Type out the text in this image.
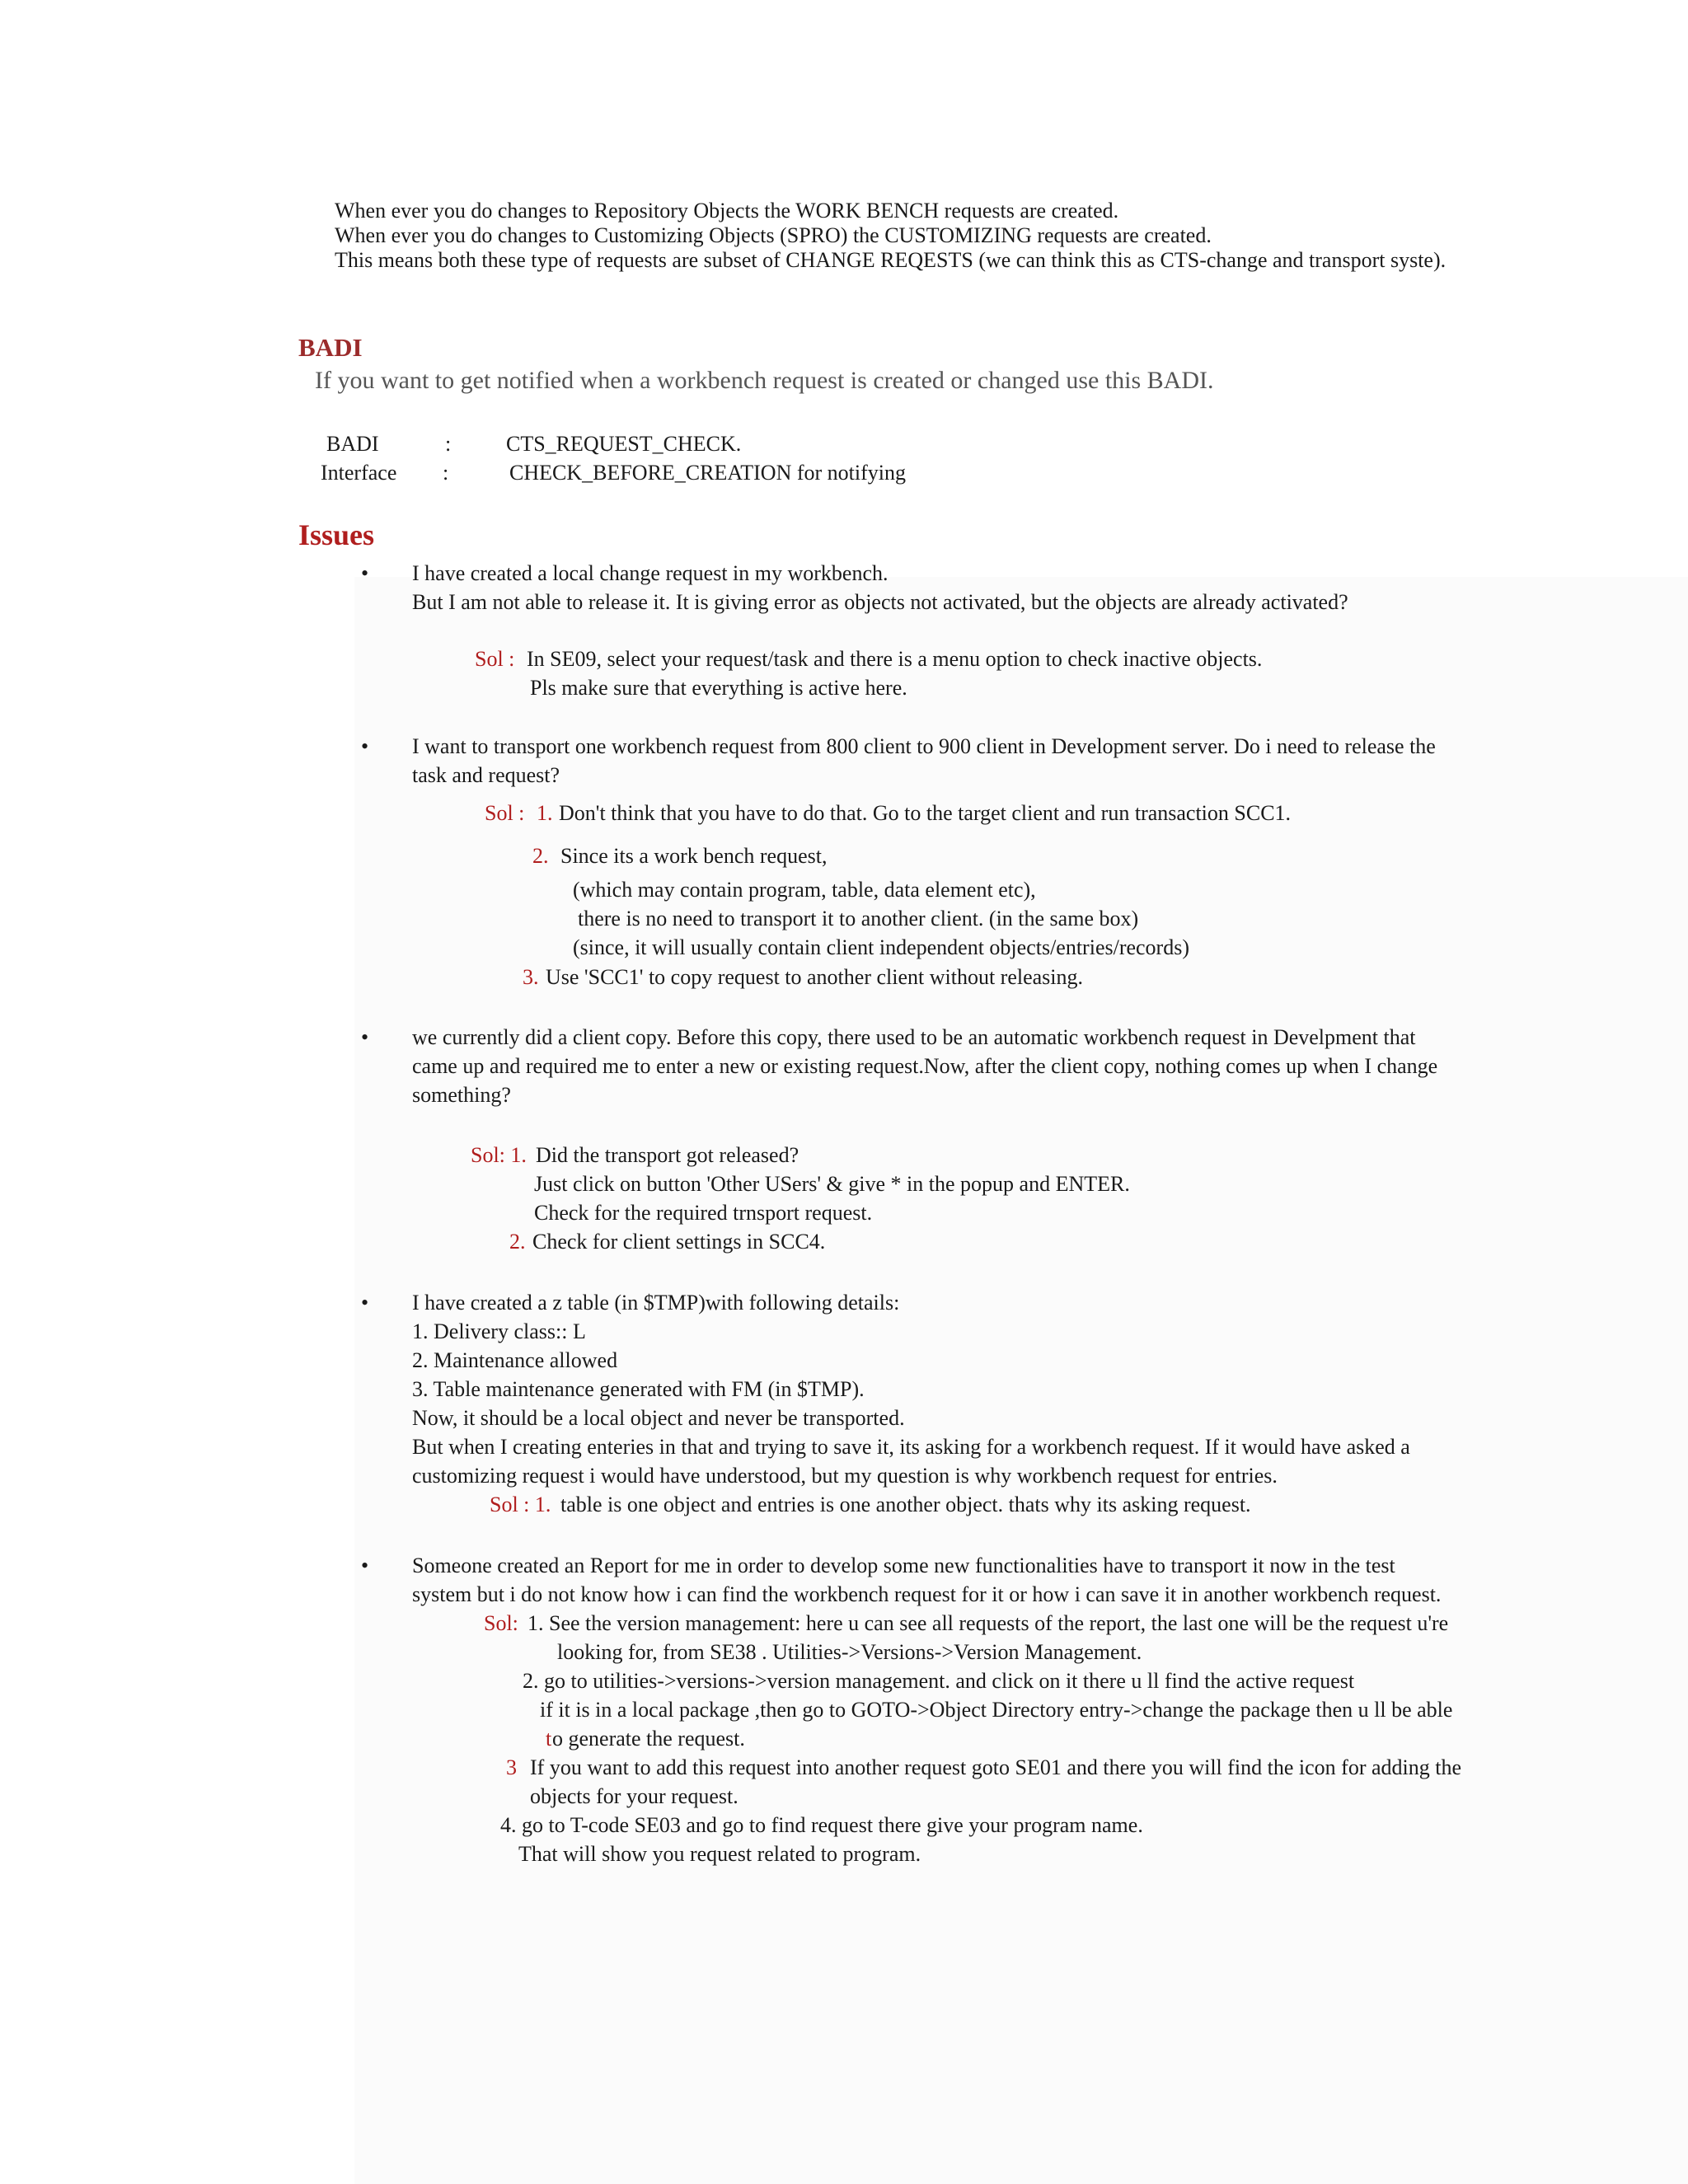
When ever you do changes to Repository Objects the WORK BENCH requests are created.
When ever you do changes to Customizing Objects (SPRO) the CUSTOMIZING requests are created.
This means both these type of requests are subset of CHANGE REQESTS (we can think this as CTS-change and transport syste).
BADI
If you want to get notified when a workbench request is created or changed use this BADI.
BADI	:	CTS_REQUEST_CHECK.
Interface :	CHECK_BEFORE_CREATION for notifying
Issues
• I have created a local change request in my workbench.
But I am not able to release it. It is giving error as objects not activated, but the objects are already activated?
Sol : In SE09, select your request/task and there is a menu option to check inactive objects.
Pls make sure that everything is active here.
• I want to transport one workbench request from 800 client to 900 client in Development server. Do i need to release the
task and request?
Sol : 1. Don't think that you have to do that. Go to the target client and run transaction SCC1.
2. Since its a work bench request,
(which may contain program, table, data element etc),
there is no need to transport it to another client. (in the same box)
(since, it will usually contain client independent objects/entries/records)
3. Use 'SCC1' to copy request to another client without releasing.
• we currently did a client copy. Before this copy, there used to be an automatic workbench request in Develpment that
came up and required me to enter a new or existing request.Now, after the client copy, nothing comes up when I change
something?
Sol: 1. Did the transport got released?
Just click on button 'Other USers' & give * in the popup and ENTER.
Check for the required trnsport request.
2. Check for client settings in SCC4.
• I have created a z table (in $TMP)with following details:
1. Delivery class:: L
2. Maintenance allowed
3. Table maintenance generated with FM (in $TMP).
Now, it should be a local object and never be transported.
But when I creating enteries in that and trying to save it, its asking for a workbench request. If it would have asked a
customizing request i would have understood, but my question is why workbench request for entries.
Sol : 1. table is one object and entries is one another object. thats why its asking request.
• Someone created an Report for me in order to develop some new functionalities have to transport it now in the test
system but i do not know how i can find the workbench request for it or how i can save it in another workbench request.
Sol: 1. See the version management: here u can see all requests of the report, the last one will be the request u're
looking for, from SE38 . Utilities->Versions->Version Management.
2. go to utilities->versions->version management. and click on it there u ll find the active request
if it is in a local package ,then go to GOTO->Object Directory entry->change the package then u ll be able
t o generate the request.
3 If you want to add this request into another request goto SE01 and there you will find the icon for adding the
objects for your request.
4. go to T-code SE03 and go to find request there give your program name.
That will show you request related to program.
